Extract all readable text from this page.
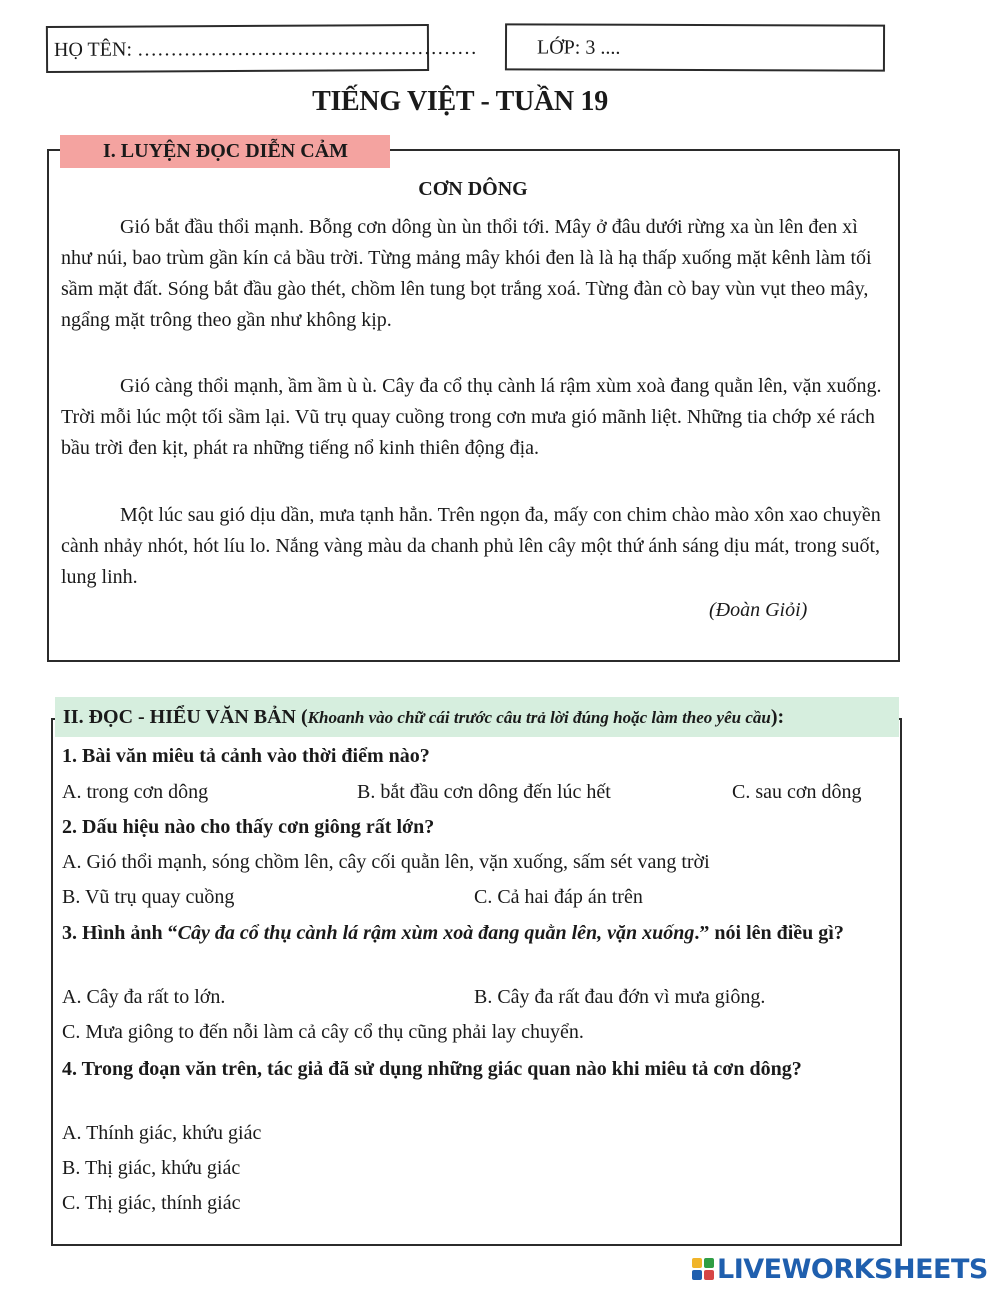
HỌ TÊN: ……………………………………………	LỚP: 3 ....
TIẾNG VIỆT - TUẦN 19
I. LUYỆN ĐỌC DIỄN CẢM
CƠN DÔNG

Gió bắt đầu thổi mạnh. Bỗng cơn dông ùn ùn thổi tới. Mây ở đâu dưới rừng xa ùn lên đen xì như núi, bao trùm gần kín cả bầu trời. Từng mảng mây khói đen là là hạ thấp xuống mặt kênh làm tối sầm mặt đất. Sóng bắt đầu gào thét, chồm lên tung bọt trắng xoá. Từng đàn cò bay vùn vụt theo mây, ngẩng mặt trông theo gần như không kịp.

Gió càng thổi mạnh, ầm ầm ù ù. Cây đa cổ thụ cành lá rậm xùm xoà đang quằn lên, vặn xuống. Trời mỗi lúc một tối sầm lại. Vũ trụ quay cuồng trong cơn mưa gió mãnh liệt. Những tia chớp xé rách bầu trời đen kịt, phát ra những tiếng nổ kinh thiên động địa.

Một lúc sau gió dịu dần, mưa tạnh hẳn. Trên ngọn đa, mấy con chim chào mào xôn xao chuyền cành nhảy nhót, hót líu lo. Nắng vàng màu da chanh phủ lên cây một thứ ánh sáng dịu mát, trong suốt, lung linh.

(Đoàn Giỏi)
II. ĐỌC - HIỂU VĂN BẢN (Khoanh vào chữ cái trước câu trả lời đúng hoặc làm theo yêu cầu):
1. Bài văn miêu tả cảnh vào thời điểm nào?
A. trong cơn dông	B. bắt đầu cơn dông đến lúc hết	C. sau cơn dông
2. Dấu hiệu nào cho thấy cơn giông rất lớn?
A. Gió thổi mạnh, sóng chồm lên, cây cối quằn lên, vặn xuống, sấm sét vang trời
B. Vũ trụ quay cuồng	C. Cả hai đáp án trên
3. Hình ảnh “Cây đa cổ thụ cành lá rậm xùm xoà đang quằn lên, vặn xuống.” nói lên điều gì?
A. Cây đa rất to lớn.	B. Cây đa rất đau đớn vì mưa giông.
C. Mưa giông to đến nỗi làm cả cây cổ thụ cũng phải lay chuyển.
4. Trong đoạn văn trên, tác giả đã sử dụng những giác quan nào khi miêu tả cơn dông?
A. Thính giác, khứu giác
B. Thị giác, khứu giác
C. Thị giác, thính giác
LIVEWORKSHEETS
